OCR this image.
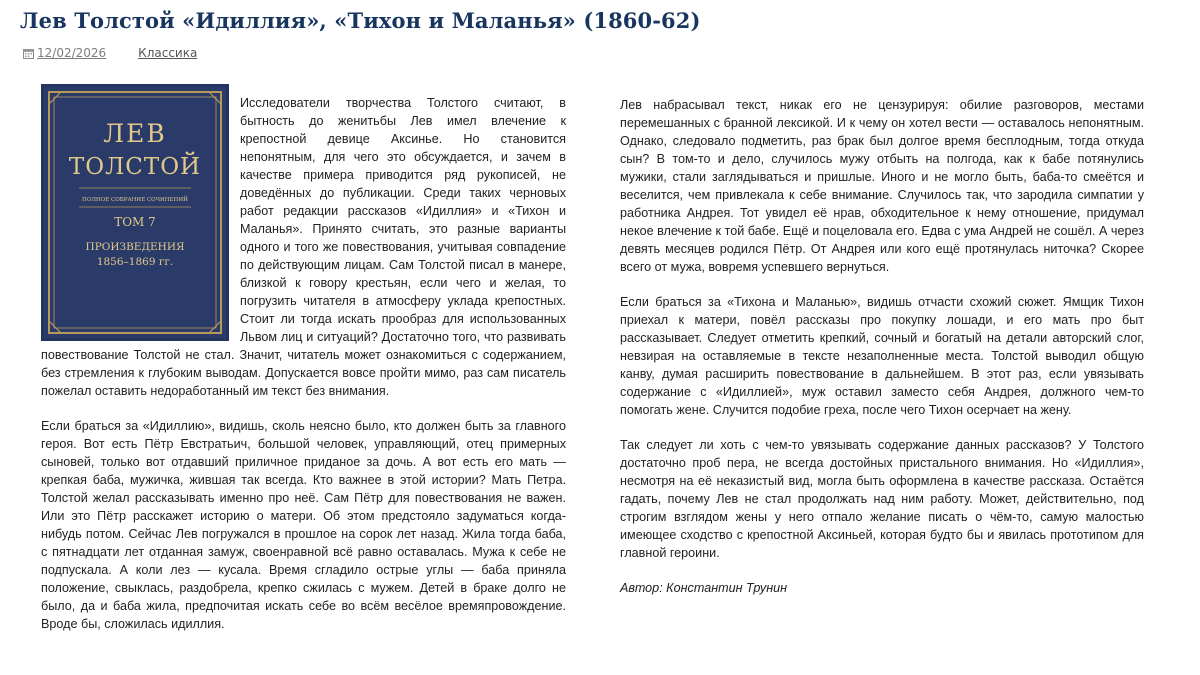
Лев Толстой «Идиллия», «Тихон и Маланья» (1860-62)
12/02/2026	Классика
ЛЕВ
ТОЛСТОЙ
ПОЛНОЕ СОБРАНИЕ СОЧИНЕНИЙ
ТОМ 7
ПРОИЗВЕДЕНИЯ
1856–1869 гг.

Исследователи творчества Толстого считают, в бытность до женитьбы Лев имел влечение к крепостной девице Аксинье. Но становится непонятным, для чего это обсуждается, и зачем в качестве примера приводится ряд рукописей, не доведённых до публикации. Среди таких черновых работ редакции рассказов «Идиллия» и «Тихон и Маланья». Принято считать, это разные варианты одного и того же повествования, учитывая совпадение по действующим лицам. Сам Толстой писал в манере, близкой к говору крестьян, если чего и желая, то погрузить читателя в атмосферу уклада крепостных. Стоит ли тогда искать прообраз для использованных Львом лиц и ситуаций? Достаточно того, что развивать повествование Толстой не стал. Значит, читатель может ознакомиться с содержанием, без стремления к глубоким выводам. Допускается вовсе пройти мимо, раз сам писатель пожелал оставить недоработанный им текст без внимания.

Если браться за «Идиллию», видишь, сколь неясно было, кто должен быть за главного героя. Вот есть Пётр Евстратьич, большой человек, управляющий, отец примерных сыновей, только вот отдавший приличное приданое за дочь. А вот есть его мать — крепкая баба, мужичка, жившая так всегда. Кто важнее в этой истории? Мать Петра. Толстой желал рассказывать именно про неё. Сам Пётр для повествования не важен. Или это Пётр расскажет историю о матери. Об этом предстояло задуматься когда-нибудь потом. Сейчас Лев погружался в прошлое на сорок лет назад. Жила тогда баба, с пятнадцати лет отданная замуж, своенравной всё равно оставалась. Мужа к себе не подпускала. А коли лез — кусала. Время сгладило острые углы — баба приняла положение, свыклась, раздобрела, крепко сжилась с мужем. Детей в браке долго не было, да и баба жила, предпочитая искать себе во всём весёлое времяпровождение. Вроде бы, сложилась идиллия.

Лев набрасывал текст, никак его не цензурируя: обилие разговоров, местами перемешанных с бранной лексикой. И к чему он хотел вести — оставалось непонятным. Однако, следовало подметить, раз брак был долгое время бесплодным, тогда откуда сын? В том-то и дело, случилось мужу отбыть на полгода, как к бабе потянулись мужики, стали заглядываться и пришлые. Иного и не могло быть, баба-то смеётся и веселится, чем привлекала к себе внимание. Случилось так, что зародила симпатии у работника Андрея. Тот увидел её нрав, обходительное к нему отношение, придумал некое влечение к той бабе. Ещё и поцеловала его. Едва с ума Андрей не сошёл. А через девять месяцев родился Пётр. От Андрея или кого ещё протянулась ниточка? Скорее всего от мужа, вовремя успевшего вернуться.

Если браться за «Тихона и Маланью», видишь отчасти схожий сюжет. Ямщик Тихон приехал к матери, повёл рассказы про покупку лошади, и его мать про быт рассказывает. Следует отметить крепкий, сочный и богатый на детали авторский слог, невзирая на оставляемые в тексте незаполненные места. Толстой выводил общую канву, думая расширить повествование в дальнейшем. В этот раз, если увязывать содержание с «Идиллией», муж оставил заместо себя Андрея, должного чем-то помогать жене. Случится подобие греха, после чего Тихон осерчает на жену.

Так следует ли хоть с чем-то увязывать содержание данных рассказов? У Толстого достаточно проб пера, не всегда достойных пристального внимания. Но «Идиллия», несмотря на её неказистый вид, могла быть оформлена в качестве рассказа. Остаётся гадать, почему Лев не стал продолжать над ним работу. Может, действительно, под строгим взглядом жены у него отпало желание писать о чём-то, самую малостью имеющее сходство с крепостной Аксиньей, которая будто бы и явилась прототипом для главной героини.

Автор: Константин Трунин
